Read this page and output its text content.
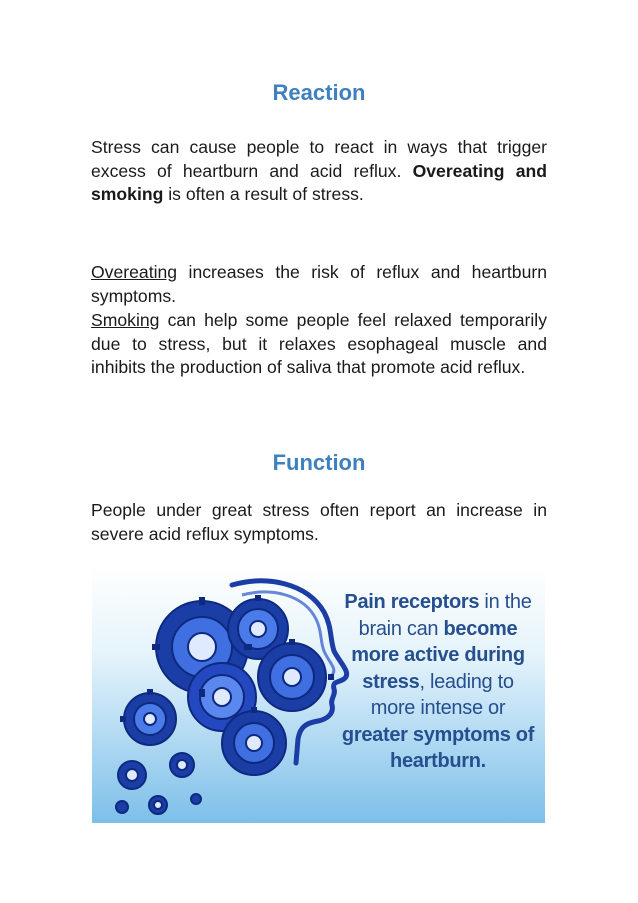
Reaction
Stress can cause people to react in ways that trigger excess of heartburn and acid reflux. Overeating and smoking is often a result of stress.
Overeating increases the risk of reflux and heartburn symptoms.
Smoking can help some people feel relaxed temporarily due to stress, but it relaxes esophageal muscle and inhibits the production of saliva that promote acid reflux.
Function
People under great stress often report an increase in severe acid reflux symptoms.
Pain receptors in the
brain can become
more active during
stress, leading to
more intense or
greater symptoms of
heartburn.
